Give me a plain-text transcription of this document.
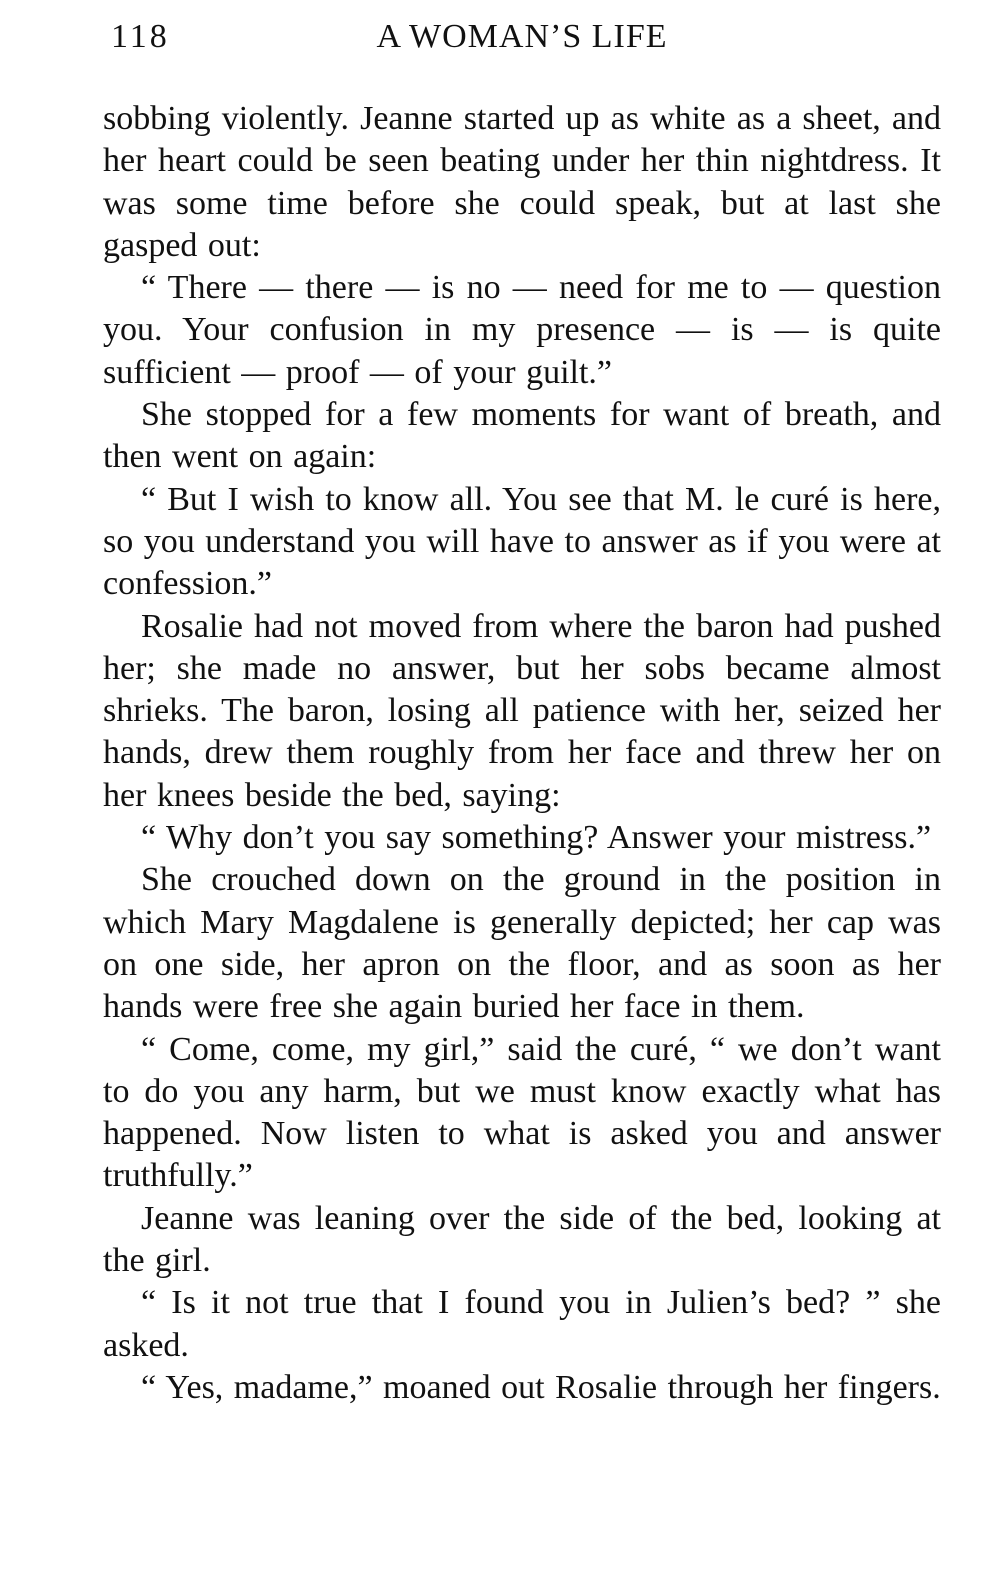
118	A WOMAN’S LIFE

sobbing violently. Jeanne started up as white as a sheet, and her heart could be seen beating under her thin nightdress. It was some time before she could speak, but at last she gasped out:

“ There — there — is no — need for me to — question you. Your confusion in my presence — is — is quite sufficient — proof — of your guilt.”

She stopped for a few moments for want of breath, and then went on again:

“ But I wish to know all. You see that M. le curé is here, so you understand you will have to answer as if you were at confession.”

Rosalie had not moved from where the baron had pushed her; she made no answer, but her sobs became almost shrieks. The baron, losing all patience with her, seized her hands, drew them roughly from her face and threw her on her knees beside the bed, saying:

“ Why don’t you say something? Answer your mistress.”

She crouched down on the ground in the position in which Mary Magdalene is generally depicted; her cap was on one side, her apron on the floor, and as soon as her hands were free she again buried her face in them.

“ Come, come, my girl,” said the curé, “ we don’t want to do you any harm, but we must know exactly what has happened. Now listen to what is asked you and answer truthfully.”

Jeanne was leaning over the side of the bed, looking at the girl.

“ Is it not true that I found you in Julien’s bed? ” she asked.

“ Yes, madame,” moaned out Rosalie through her fingers.
